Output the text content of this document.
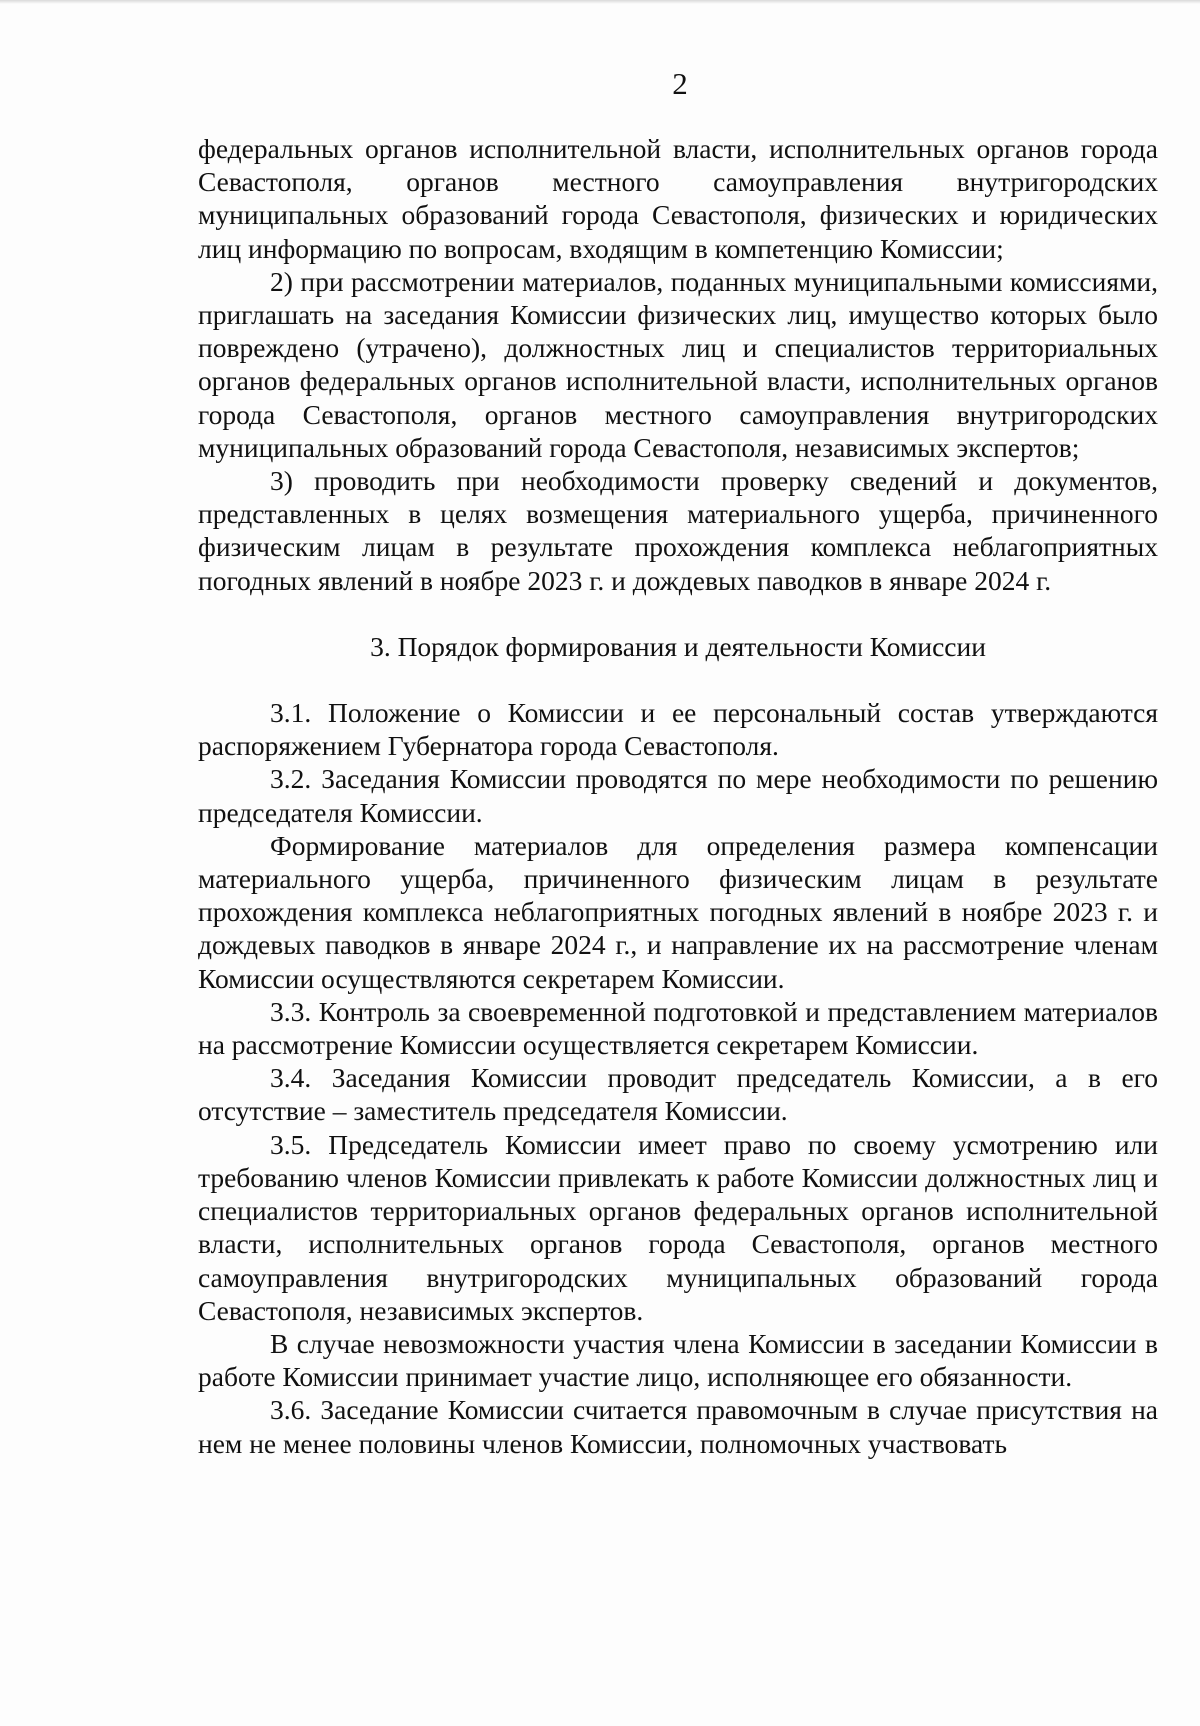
2

федеральных органов исполнительной власти, исполнительных органов города Севастополя, органов местного самоуправления внутригородских муниципальных образований города Севастополя, физических и юридических лиц информацию по вопросам, входящим в компетенцию Комиссии;

2) при рассмотрении материалов, поданных муниципальными комиссиями, приглашать на заседания Комиссии физических лиц, имущество которых было повреждено (утрачено), должностных лиц и специалистов территориальных органов федеральных органов исполнительной власти, исполнительных органов города Севастополя, органов местного самоуправления внутригородских муниципальных образований города Севастополя, независимых экспертов;

3) проводить при необходимости проверку сведений и документов, представленных в целях возмещения материального ущерба, причиненного физическим лицам в результате прохождения комплекса неблагоприятных погодных явлений в ноябре 2023 г. и дождевых паводков в январе 2024 г.

3. Порядок формирования и деятельности Комиссии

3.1. Положение о Комиссии и ее персональный состав утверждаются распоряжением Губернатора города Севастополя.

3.2. Заседания Комиссии проводятся по мере необходимости по решению председателя Комиссии.

Формирование материалов для определения размера компенсации материального ущерба, причиненного физическим лицам в результате прохождения комплекса неблагоприятных погодных явлений в ноябре 2023 г. и дождевых паводков в январе 2024 г., и направление их на рассмотрение членам Комиссии осуществляются секретарем Комиссии.

3.3. Контроль за своевременной подготовкой и представлением материалов на рассмотрение Комиссии осуществляется секретарем Комиссии.

3.4. Заседания Комиссии проводит председатель Комиссии, а в его отсутствие – заместитель председателя Комиссии.

3.5. Председатель Комиссии имеет право по своему усмотрению или требованию членов Комиссии привлекать к работе Комиссии должностных лиц и специалистов территориальных органов федеральных органов исполнительной власти, исполнительных органов города Севастополя, органов местного самоуправления внутригородских муниципальных образований города Севастополя, независимых экспертов.

В случае невозможности участия члена Комиссии в заседании Комиссии в работе Комиссии принимает участие лицо, исполняющее его обязанности.

3.6. Заседание Комиссии считается правомочным в случае присутствия на нем не менее половины членов Комиссии, полномочных участвовать
